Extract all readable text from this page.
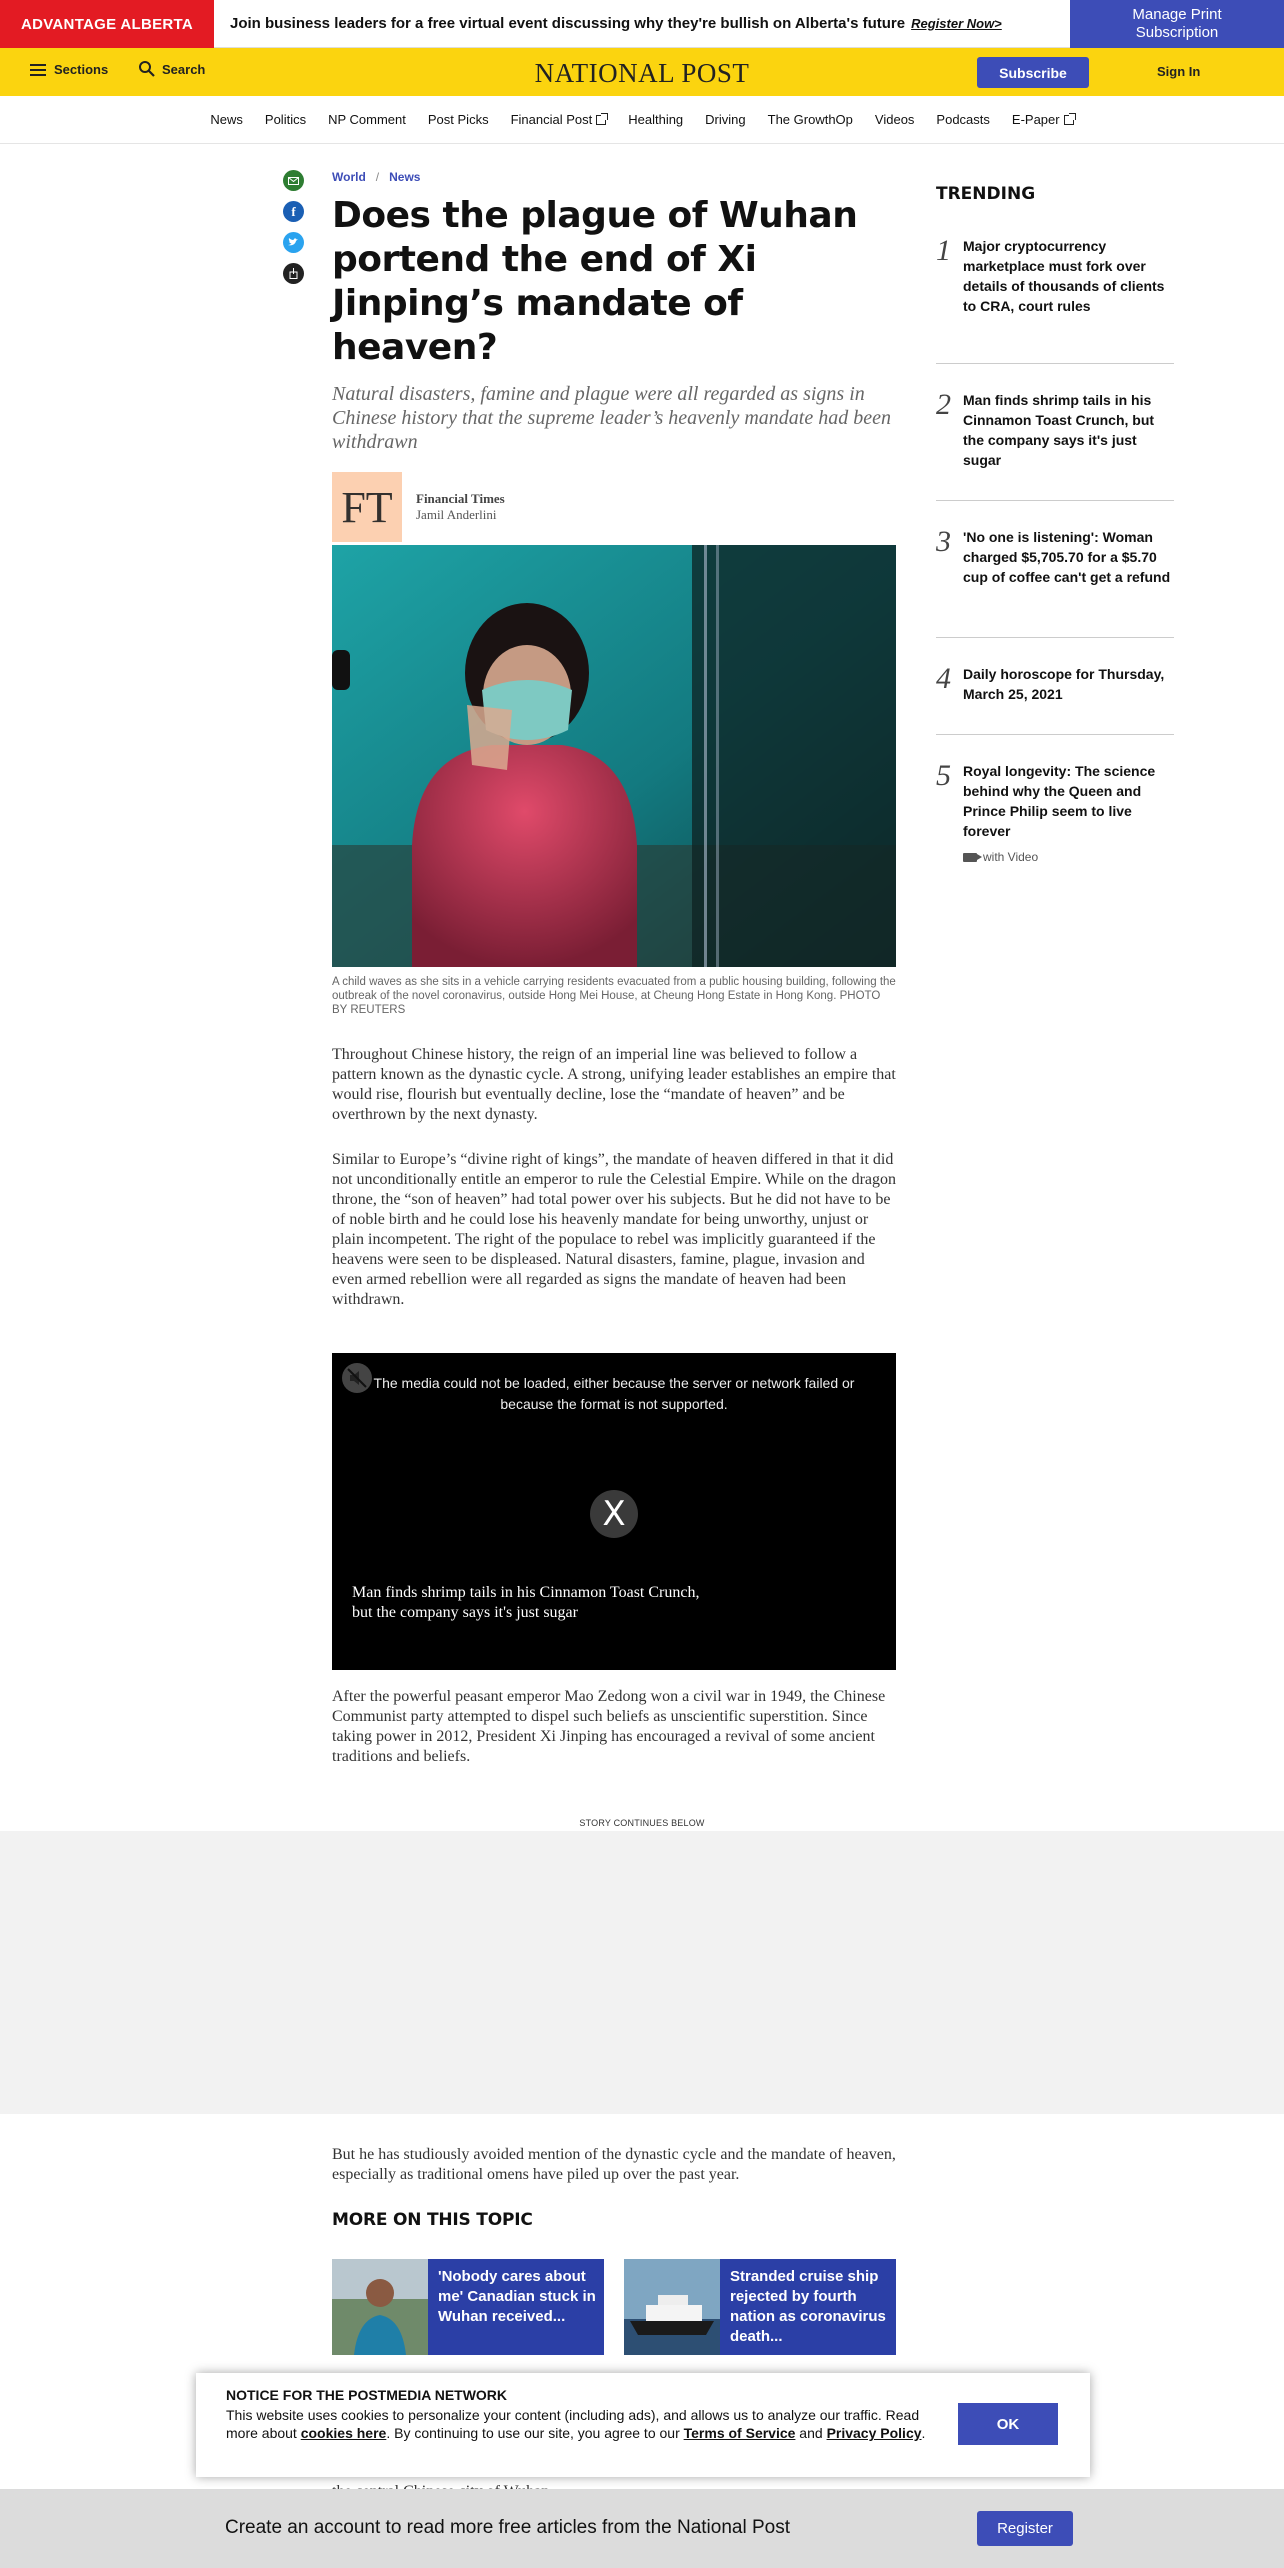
ADVANTAGE ALBERTA	Join business leaders for a free virtual event discussing why they're bullish on Alberta's future Register Now>
Manage Print Subscription
Sections	Search	NATIONAL POST	Subscribe	Sign In
News Politics NP Comment Post Picks Financial Post	Healthing Driving The GrowthOp Videos Podcasts E-Paper
f
World / News
Does the plague of Wuhan portend the end of Xi Jinping’s mandate of heaven?

Natural disasters, famine and plague were all regarded as signs in Chinese history that the supreme leader’s heavenly mandate had been withdrawn

FT	Financial Times
Jamil Anderlini
A child waves as she sits in a vehicle carrying residents evacuated from a public housing building, following the outbreak of the novel coronavirus, outside Hong Mei House, at Cheung Hong Estate in Hong Kong. PHOTO BY REUTERS

Throughout Chinese history, the reign of an imperial line was believed to follow a pattern known as the dynastic cycle. A strong, unifying leader establishes an empire that would rise, flourish but eventually decline, lose the “mandate of heaven” and be overthrown by the next dynasty.

Similar to Europe’s “divine right of kings”, the mandate of heaven differed in that it did not unconditionally entitle an emperor to rule the Celestial Empire. While on the dragon throne, the “son of heaven” had total power over his subjects. But he did not have to be of noble birth and he could lose his heavenly mandate for being unworthy, unjust or plain incompetent. The right of the populace to rebel was implicitly guaranteed if the heavens were seen to be displeased. Natural disasters, famine, plague, invasion and even armed rebellion were all regarded as signs the mandate of heaven had been withdrawn.

The media could not be loaded, either because the server or network failed or because the format is not supported.
X
Man finds shrimp tails in his Cinnamon Toast Crunch, but the company says it's just sugar

After the powerful peasant emperor Mao Zedong won a civil war in 1949, the Chinese Communist party attempted to dispel such beliefs as unscientific superstition. Since taking power in 2012, President Xi Jinping has encouraged a revival of some ancient traditions and beliefs.

STORY CONTINUES BELOW

But he has studiously avoided mention of the dynastic cycle and the mandate of heaven, especially as traditional omens have piled up over the past year.

MORE ON THIS TOPIC
'Nobody cares about me' Canadian stuck in Wuhan received...
Stranded cruise ship rejected by fourth nation as coronavirus death...
TRENDING
1 Major cryptocurrency marketplace must fork over details of thousands of clients to CRA, court rules
2 Man finds shrimp tails in his Cinnamon Toast Crunch, but the company says it's just sugar
3 'No one is listening': Woman charged $5,705.70 for a $5.70 cup of coffee can't get a refund
4 Daily horoscope for Thursday, March 25, 2021
5 Royal longevity: The science behind why the Queen and Prince Philip seem to live forever
with Video

NOTICE FOR THE POSTMEDIA NETWORK
This website uses cookies to personalize your content (including ads), and allows us to analyze our traffic. Read more about cookies here. By continuing to use our site, you agree to our Terms of Service and Privacy Policy.
OK
Create an account to read more free articles from the National Post	Register
